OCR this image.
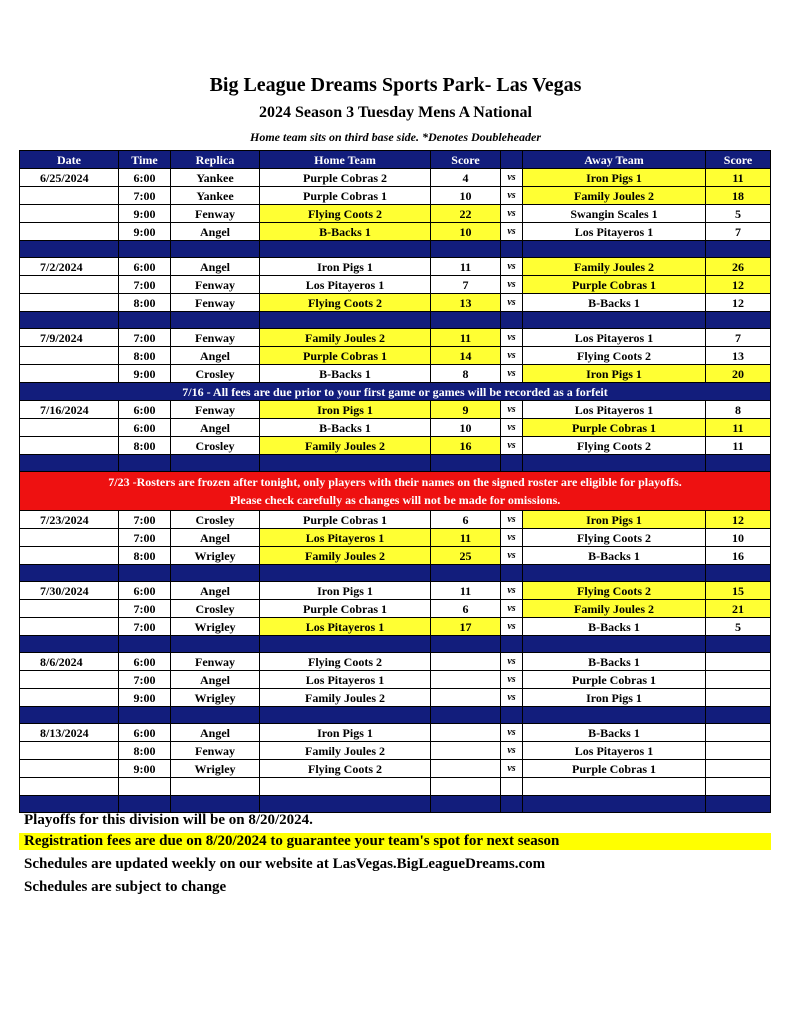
Big League Dreams Sports Park- Las Vegas
2024 Season 3 Tuesday Mens A National
Home team sits on third base side. *Denotes Doubleheader
Date	Time	Replica	Home Team	Score		Away Team	Score
6/25/2024	6:00	Yankee	Purple Cobras 2	4	vs	Iron Pigs 1	11
	7:00	Yankee	Purple Cobras 1	10	vs	Family Joules 2	18
	9:00	Fenway	Flying Coots 2	22	vs	Swangin Scales 1	5
	9:00	Angel	B-Backs 1	10	vs	Los Pitayeros 1	7

7/2/2024	6:00	Angel	Iron Pigs 1	11	vs	Family Joules 2	26
	7:00	Fenway	Los Pitayeros 1	7	vs	Purple Cobras 1	12
	8:00	Fenway	Flying Coots 2	13	vs	B-Backs 1	12

7/9/2024	7:00	Fenway	Family Joules 2	11	vs	Los Pitayeros 1	7
	8:00	Angel	Purple Cobras 1	14	vs	Flying Coots 2	13
	9:00	Crosley	B-Backs 1	8	vs	Iron Pigs 1	20
7/16 - All fees are due prior to your first game or games will be recorded as a forfeit							
7/16/2024	6:00	Fenway	Iron Pigs 1	9	vs	Los Pitayeros 1	8
	6:00	Angel	B-Backs 1	10	vs	Purple Cobras 1	11
	8:00	Crosley	Family Joules 2	16	vs	Flying Coots 2	11

7/23 -Rosters are frozen after tonight, only players with their names on the signed roster are eligible for playoffs.
Please check carefully as changes will not be made for omissions.							

7/23/2024	7:00	Crosley	Purple Cobras 1	6	vs	Iron Pigs 1	12
	7:00	Angel	Los Pitayeros 1	11	vs	Flying Coots 2	10
	8:00	Wrigley	Family Joules 2	25	vs	B-Backs 1	16

7/30/2024	6:00	Angel	Iron Pigs 1	11	vs	Flying Coots 2	15
	7:00	Crosley	Purple Cobras 1	6	vs	Family Joules 2	21
	7:00	Wrigley	Los Pitayeros 1	17	vs	B-Backs 1	5

8/6/2024	6:00	Fenway	Flying Coots 2		vs	B-Backs 1	
	7:00	Angel	Los Pitayeros 1		vs	Purple Cobras 1	
	9:00	Wrigley	Family Joules 2		vs	Iron Pigs 1	

8/13/2024	6:00	Angel	Iron Pigs 1		vs	B-Backs 1	
	8:00	Fenway	Family Joules 2		vs	Los Pitayeros 1	
	9:00	Wrigley	Flying Coots 2		vs	Purple Cobras 1	

Playoffs for this division will be on 8/20/2024.
Registration fees are due on 8/20/2024 to guarantee your team's spot for next season
Schedules are updated weekly on our website at LasVegas.BigLeagueDreams.com
Schedules are subject to change
